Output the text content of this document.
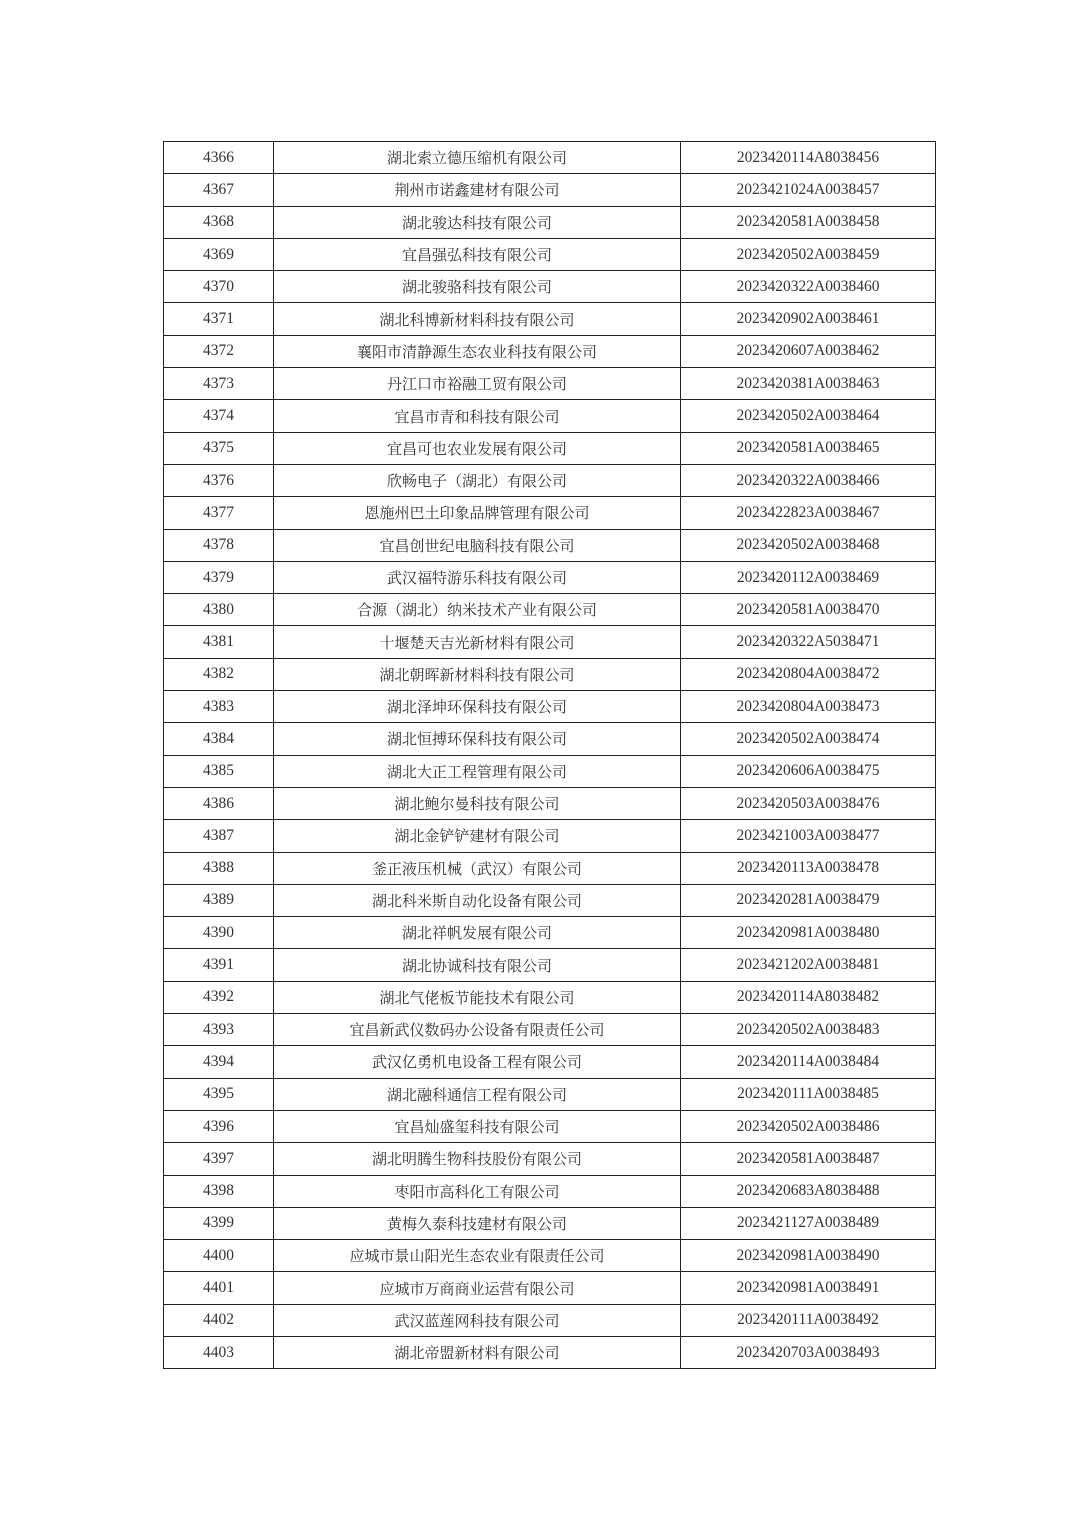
4366	湖北索立德压缩机有限公司	2023420114A8038456
4367	荆州市诺鑫建材有限公司	2023421024A0038457
4368	湖北骏达科技有限公司	2023420581A0038458
4369	宜昌强弘科技有限公司	2023420502A0038459
4370	湖北骏骆科技有限公司	2023420322A0038460
4371	湖北科博新材料科技有限公司	2023420902A0038461
4372	襄阳市清静源生态农业科技有限公司	2023420607A0038462
4373	丹江口市裕融工贸有限公司	2023420381A0038463
4374	宜昌市青和科技有限公司	2023420502A0038464
4375	宜昌可也农业发展有限公司	2023420581A0038465
4376	欣畅电子（湖北）有限公司	2023420322A0038466
4377	恩施州巴土印象品牌管理有限公司	2023422823A0038467
4378	宜昌创世纪电脑科技有限公司	2023420502A0038468
4379	武汉福特游乐科技有限公司	2023420112A0038469
4380	合源（湖北）纳米技术产业有限公司	2023420581A0038470
4381	十堰楚天吉光新材料有限公司	2023420322A5038471
4382	湖北朝晖新材料科技有限公司	2023420804A0038472
4383	湖北泽坤环保科技有限公司	2023420804A0038473
4384	湖北恒搏环保科技有限公司	2023420502A0038474
4385	湖北大正工程管理有限公司	2023420606A0038475
4386	湖北鲍尔曼科技有限公司	2023420503A0038476
4387	湖北金铲铲建材有限公司	2023421003A0038477
4388	釜正液压机械（武汉）有限公司	2023420113A0038478
4389	湖北科米斯自动化设备有限公司	2023420281A0038479
4390	湖北祥帆发展有限公司	2023420981A0038480
4391	湖北协诚科技有限公司	2023421202A0038481
4392	湖北气佬板节能技术有限公司	2023420114A8038482
4393	宜昌新武仪数码办公设备有限责任公司	2023420502A0038483
4394	武汉亿勇机电设备工程有限公司	2023420114A0038484
4395	湖北融科通信工程有限公司	2023420111A0038485
4396	宜昌灿盛玺科技有限公司	2023420502A0038486
4397	湖北明腾生物科技股份有限公司	2023420581A0038487
4398	枣阳市高科化工有限公司	2023420683A8038488
4399	黄梅久泰科技建材有限公司	2023421127A0038489
4400	应城市景山阳光生态农业有限责任公司	2023420981A0038490
4401	应城市万商商业运营有限公司	2023420981A0038491
4402	武汉蓝莲网科技有限公司	2023420111A0038492
4403	湖北帝盟新材料有限公司	2023420703A0038493
